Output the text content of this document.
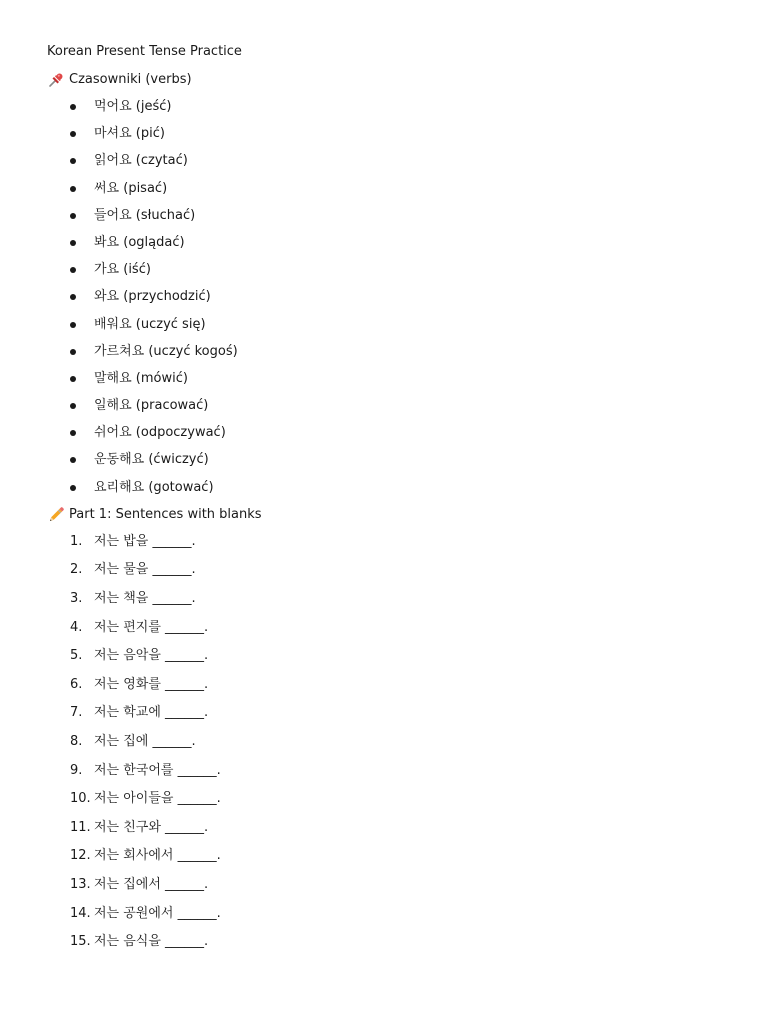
Korean Present Tense Practice
Czasowniki (verbs)
먹어요 (jeść)
마셔요 (pić)
읽어요 (czytać)
써요 (pisać)
들어요 (słuchać)
봐요 (oglądać)
가요 (iść)
와요 (przychodzić)
배워요 (uczyć się)
가르쳐요 (uczyć kogoś)
말해요 (mówić)
일해요 (pracować)
쉬어요 (odpoczywać)
운동해요 (ćwiczyć)
요리해요 (gotować)
Part 1: Sentences with blanks
1. 저는 밥을 ______.
2. 저는 물을 ______.
3. 저는 책을 ______.
4. 저는 편지를 ______.
5. 저는 음악을 ______.
6. 저는 영화를 ______.
7. 저는 학교에 ______.
8. 저는 집에 ______.
9. 저는 한국어를 ______.
10. 저는 아이들을 ______.
11. 저는 친구와 ______.
12. 저는 회사에서 ______.
13. 저는 집에서 ______.
14. 저는 공원에서 ______.
15. 저는 음식을 ______.
